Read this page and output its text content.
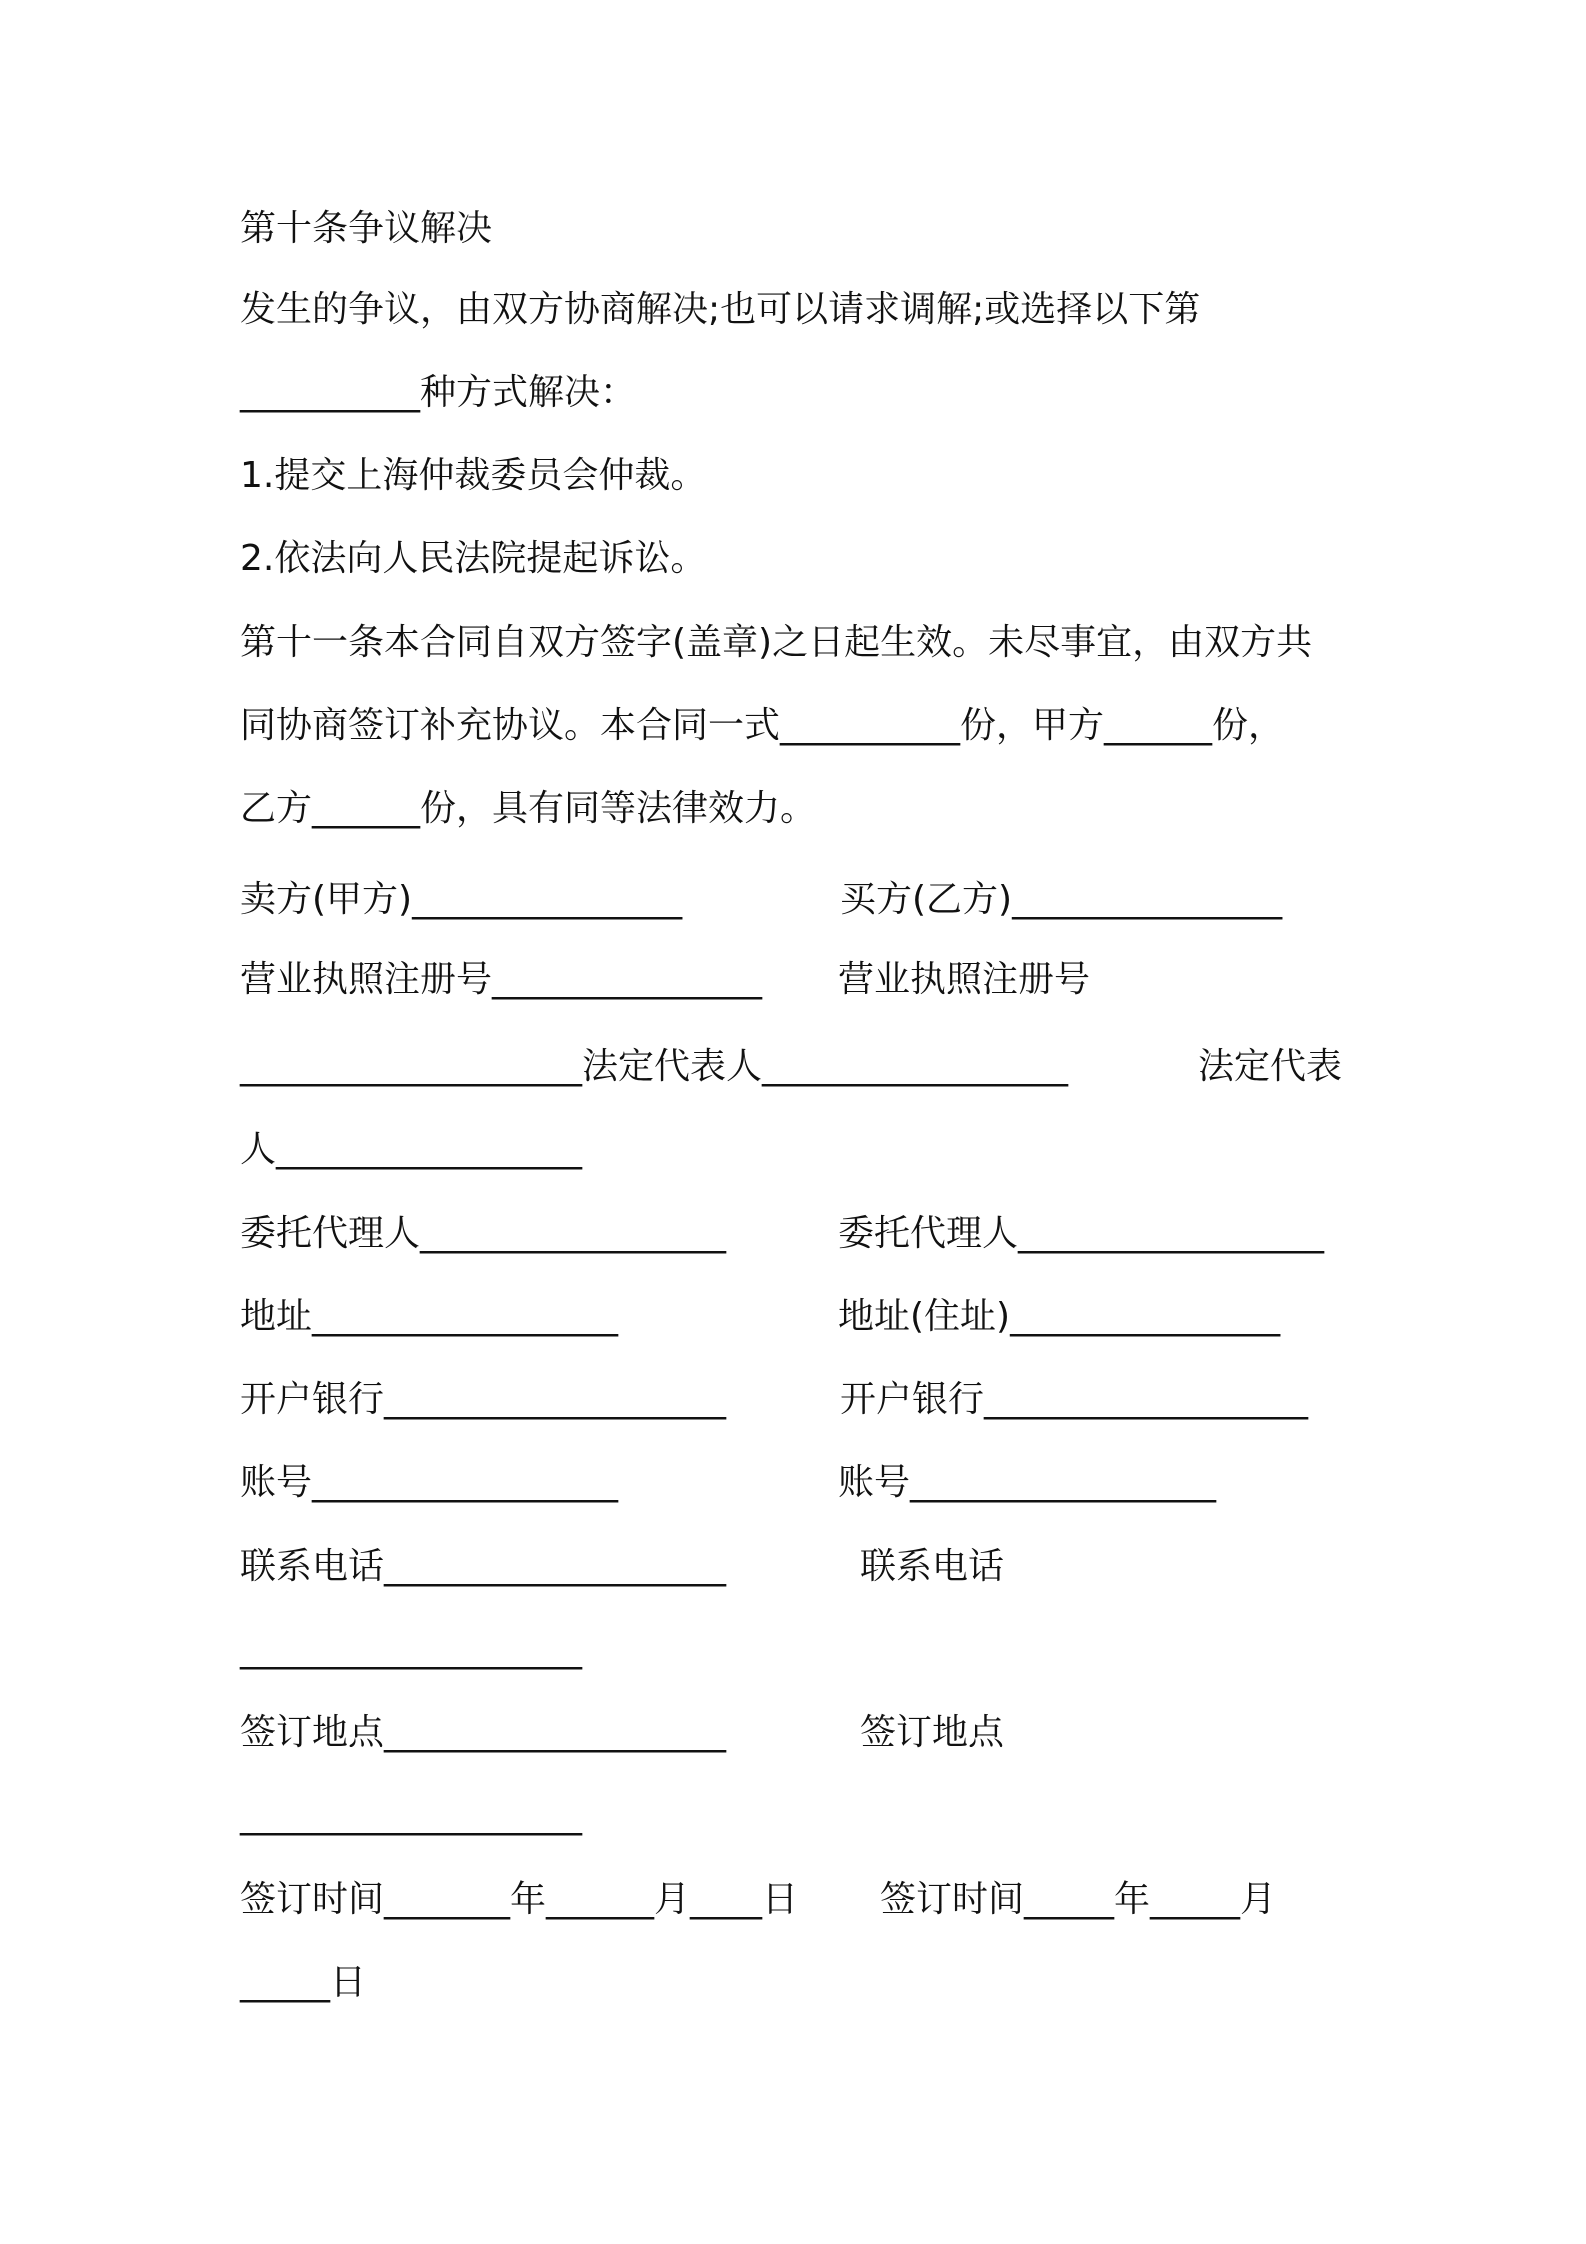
第十条争议解决
发生的争议，由双方协商解决;也可以请求调解;或选择以下第
__________种方式解决：
1.提交上海仲裁委员会仲裁。
2.依法向人民法院提起诉讼。
第十一条本合同自双方签字(盖章)之日起生效。未尽事宜，由双方共
同协商签订补充协议。本合同一式__________份，甲方______份，
乙方______份，具有同等法律效力。
卖方(甲方)_______________	买方(乙方)_______________
营业执照注册号_______________ 营业执照注册号
___________________法定代表人_________________	法定代表
人_________________
委托代理人_________________	委托代理人_________________
地址_________________	地址(住址)_______________
开户银行___________________	开户银行__________________
账号_________________	账号_________________
联系电话___________________	联系电话
___________________
签订地点___________________	签订地点
___________________
签订时间_______年______月____日 签订时间_____年_____月
_____日
